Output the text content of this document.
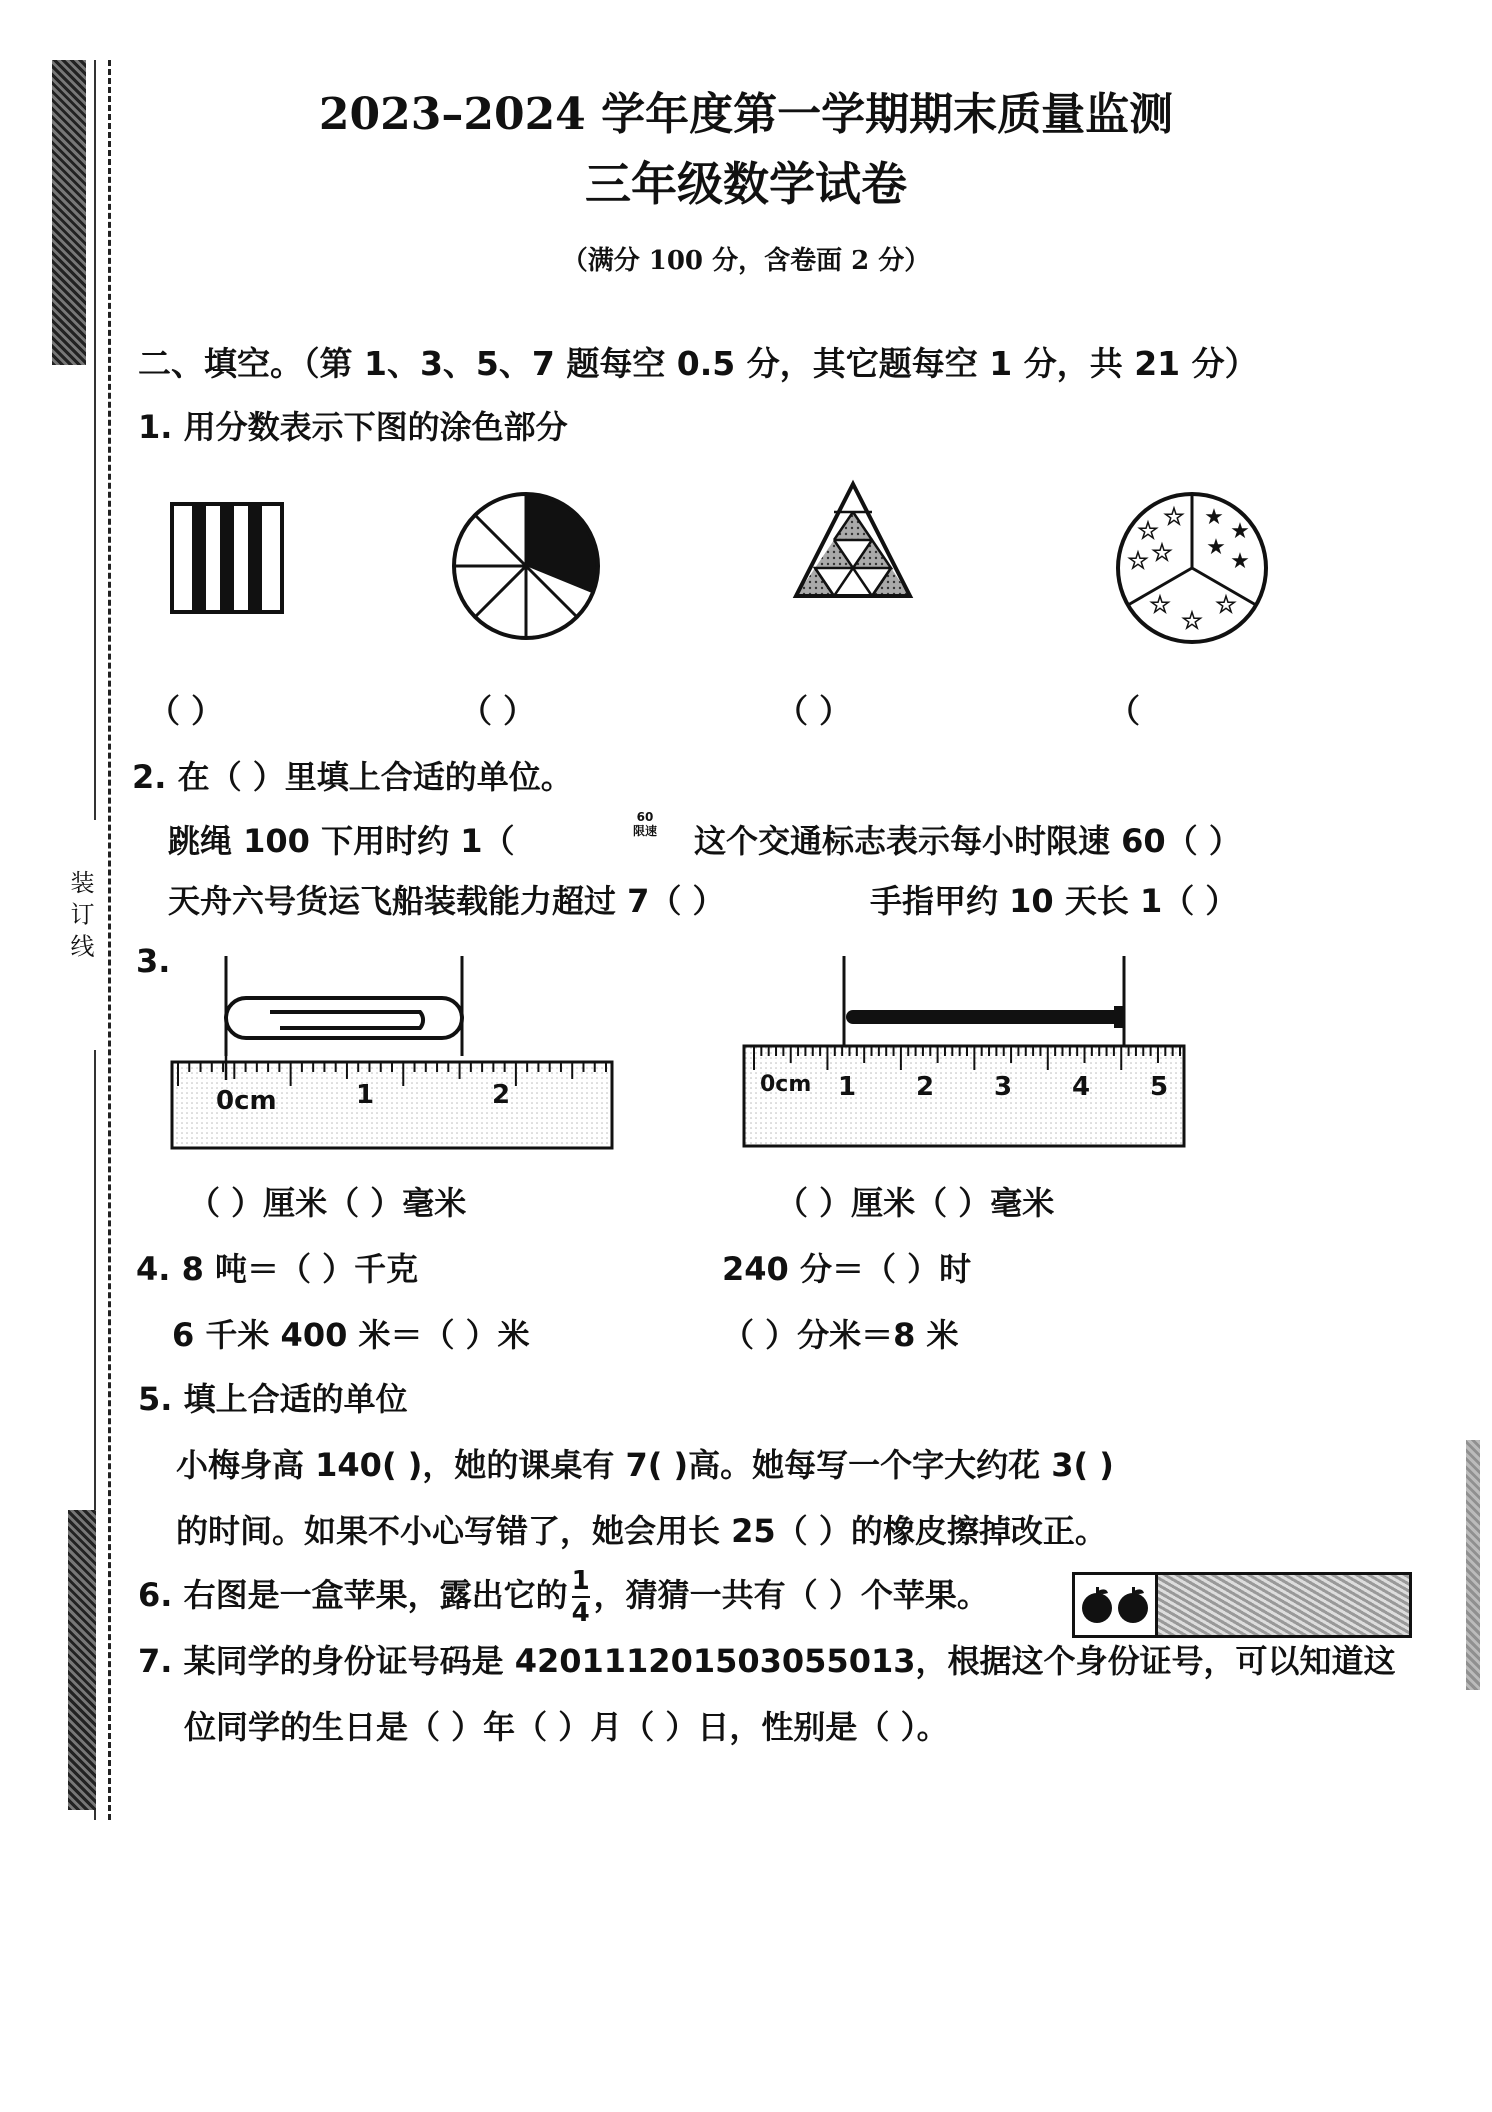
装 订 线
2023–2024 学年度第一学期期末质量监测
三年级数学试卷
（满分 100 分，含卷面 2 分）
二、填空。（第 1、3、5、7 题每空 0.5 分，其它题每空 1 分，共 21 分）
1. 用分数表示下图的涂色部分
★
★
★ ★
★
★
★
★
★
★
★
（ ）	（ ）	（ ）	（
2. 在（ ）里填上合适的单位。
跳绳 100 下用时约 1（
60
限速 这个交通标志表示每小时限速 60（ ）
天舟六号货运飞船装载能力超过 7（ ）	手指甲约 10 天长 1（ ）
3.
0cm	1	2	0cm 1 2 3 4 5
（ ）厘米（ ）毫米	（ ）厘米（ ）毫米
4. 8 吨＝（ ）千克	240 分＝（ ）时
6 千米 400 米＝（ ）米	（ ）分米＝8 米
5. 填上合适的单位
小梅身高 140( )，她的课桌有 7( )高。她每写一个字大约花 3( )
的时间。如果不小心写错了，她会用长 25（ ）的橡皮擦掉改正。
6. 右图是一盒苹果，露出它的 $\frac{1}{4}$ ，猜猜一共有（ ）个苹果。
7. 某同学的身份证号码是 420111201503055013，根据这个身份证号，可以知道这
位同学的生日是（ ）年（ ）月（ ）日，性别是（ ）。
